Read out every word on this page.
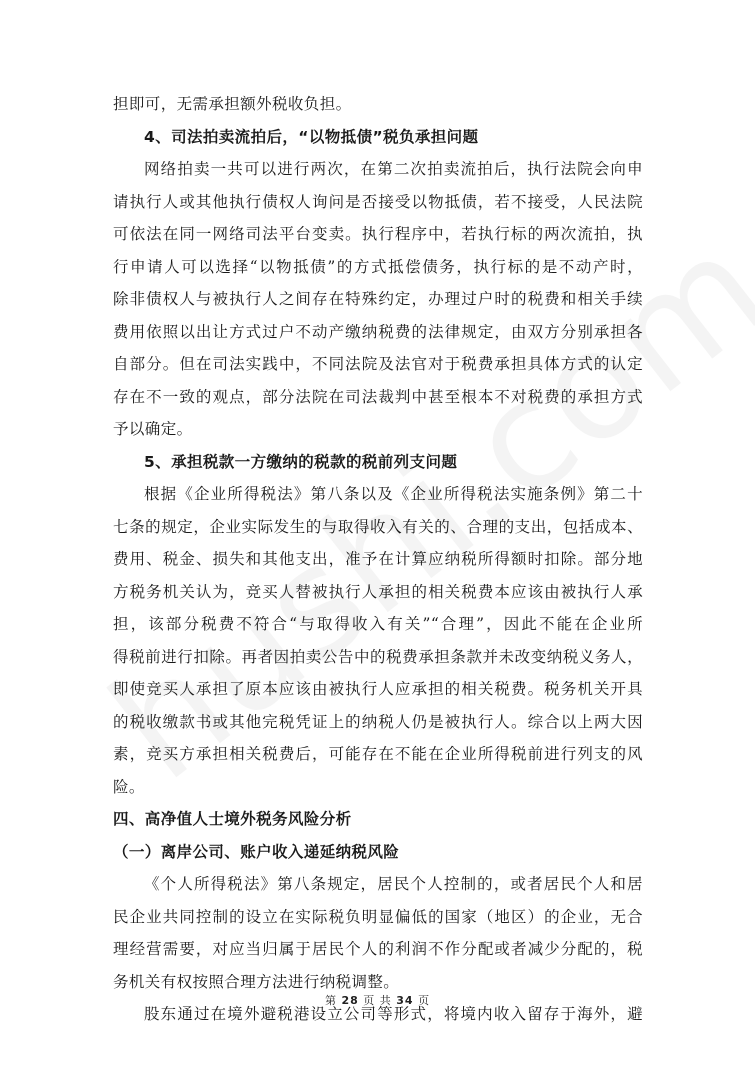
担即可，无需承担额外税收负担。
4、司法拍卖流拍后，“以物抵债”税负承担问题
网络拍卖一共可以进行两次，在第二次拍卖流拍后，执行法院会向申
请执行人或其他执行债权人询问是否接受以物抵债，若不接受，人民法院
可依法在同一网络司法平台变卖。执行程序中，若执行标的两次流拍，执
行申请人可以选择“以物抵债”的方式抵偿债务，执行标的是不动产时，
除非债权人与被执行人之间存在特殊约定，办理过户时的税费和相关手续
费用依照以出让方式过户不动产缴纳税费的法律规定，由双方分别承担各
自部分。但在司法实践中，不同法院及法官对于税费承担具体方式的认定
存在不一致的观点，部分法院在司法裁判中甚至根本不对税费的承担方式
予以确定。
5、承担税款一方缴纳的税款的税前列支问题
根据《企业所得税法》第八条以及《企业所得税法实施条例》第二十
七条的规定，企业实际发生的与取得收入有关的、合理的支出，包括成本、
费用、税金、损失和其他支出，准予在计算应纳税所得额时扣除。部分地
方税务机关认为，竞买人替被执行人承担的相关税费本应该由被执行人承
担，该部分税费不符合“与取得收入有关”“合理”，因此不能在企业所
得税前进行扣除。再者因拍卖公告中的税费承担条款并未改变纳税义务人，
即使竞买人承担了原本应该由被执行人应承担的相关税费。税务机关开具
的税收缴款书或其他完税凭证上的纳税人仍是被执行人。综合以上两大因
素，竞买方承担相关税费后，可能存在不能在企业所得税前进行列支的风
险。
四、高净值人士境外税务风险分析
（一）离岸公司、账户收入递延纳税风险
《个人所得税法》第八条规定，居民个人控制的，或者居民个人和居
民企业共同控制的设立在实际税负明显偏低的国家（地区）的企业，无合
理经营需要，对应当归属于居民个人的利润不作分配或者减少分配的，税
务机关有权按照合理方法进行纳税调整。
股东通过在境外避税港设立公司等形式，将境内收入留存于海外，避
第 28 页 共 34 页
